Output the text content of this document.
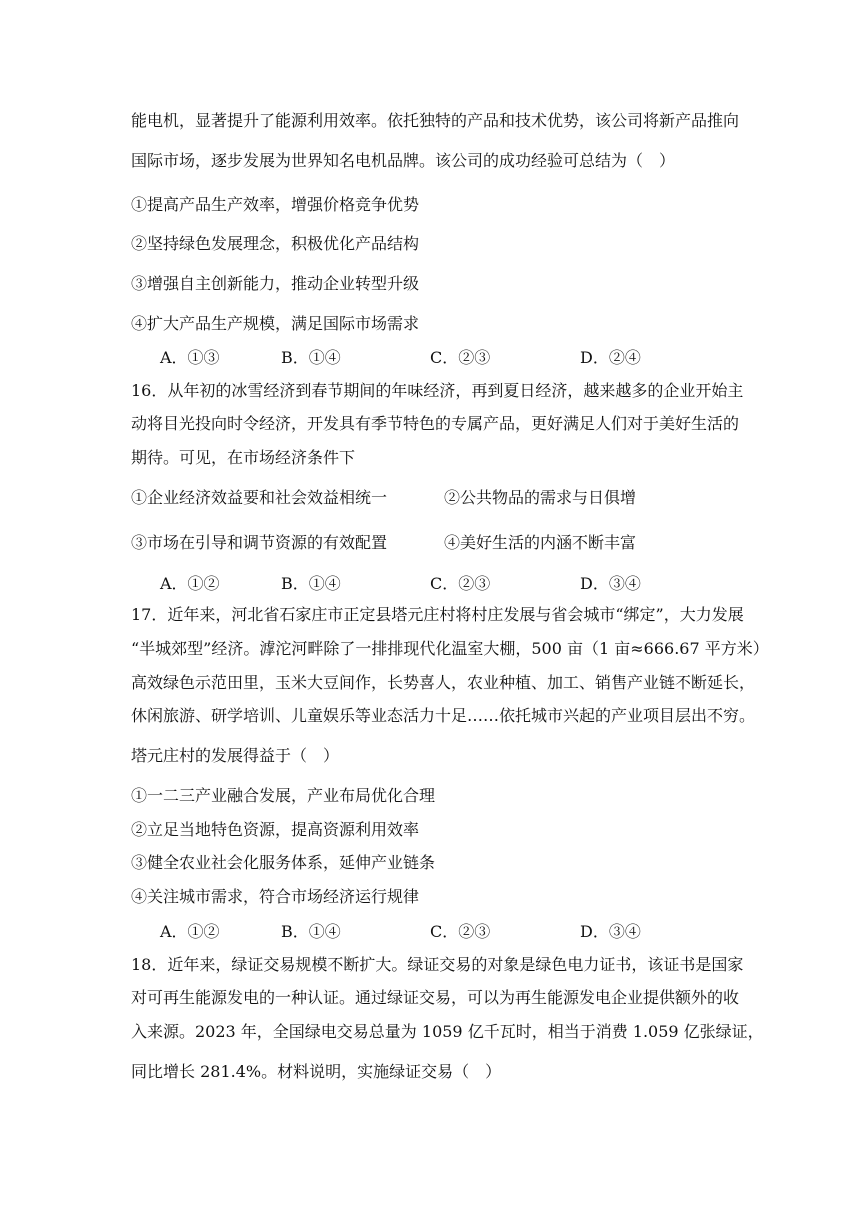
能电机，显著提升了能源利用效率。依托独特的产品和技术优势，该公司将新产品推向
国际市场，逐步发展为世界知名电机品牌。该公司的成功经验可总结为（　）
①提高产品生产效率，增强价格竞争优势
②坚持绿色发展理念，积极优化产品结构
③增强自主创新能力，推动企业转型升级
④扩大产品生产规模，满足国际市场需求
A．①③	B．①④	C．②③	D．②④
16．从年初的冰雪经济到春节期间的年味经济，再到夏日经济，越来越多的企业开始主
动将目光投向时令经济，开发具有季节特色的专属产品，更好满足人们对于美好生活的
期待。可见，在市场经济条件下
①企业经济效益要和社会效益相统一	②公共物品的需求与日俱增
③市场在引导和调节资源的有效配置	④美好生活的内涵不断丰富
A．①②	B．①④	C．②③	D．③④
17．近年来，河北省石家庄市正定县塔元庄村将村庄发展与省会城市“绑定”，大力发展
“半城郊型”经济。滹沱河畔除了一排排现代化温室大棚，500 亩（1 亩≈666.67 平方米）
高效绿色示范田里，玉米大豆间作，长势喜人，农业种植、加工、销售产业链不断延长，
休闲旅游、研学培训、儿童娱乐等业态活力十足……依托城市兴起的产业项目层出不穷。
塔元庄村的发展得益于（　）
①一二三产业融合发展，产业布局优化合理
②立足当地特色资源，提高资源利用效率
③健全农业社会化服务体系，延伸产业链条
④关注城市需求，符合市场经济运行规律
A．①②	B．①④	C．②③	D．③④
18．近年来，绿证交易规模不断扩大。绿证交易的对象是绿色电力证书，该证书是国家
对可再生能源发电的一种认证。通过绿证交易，可以为再生能源发电企业提供额外的收
入来源。2023 年，全国绿电交易总量为 1059 亿千瓦时，相当于消费 1.059 亿张绿证，
同比增长 281.4%。材料说明，实施绿证交易（　）
